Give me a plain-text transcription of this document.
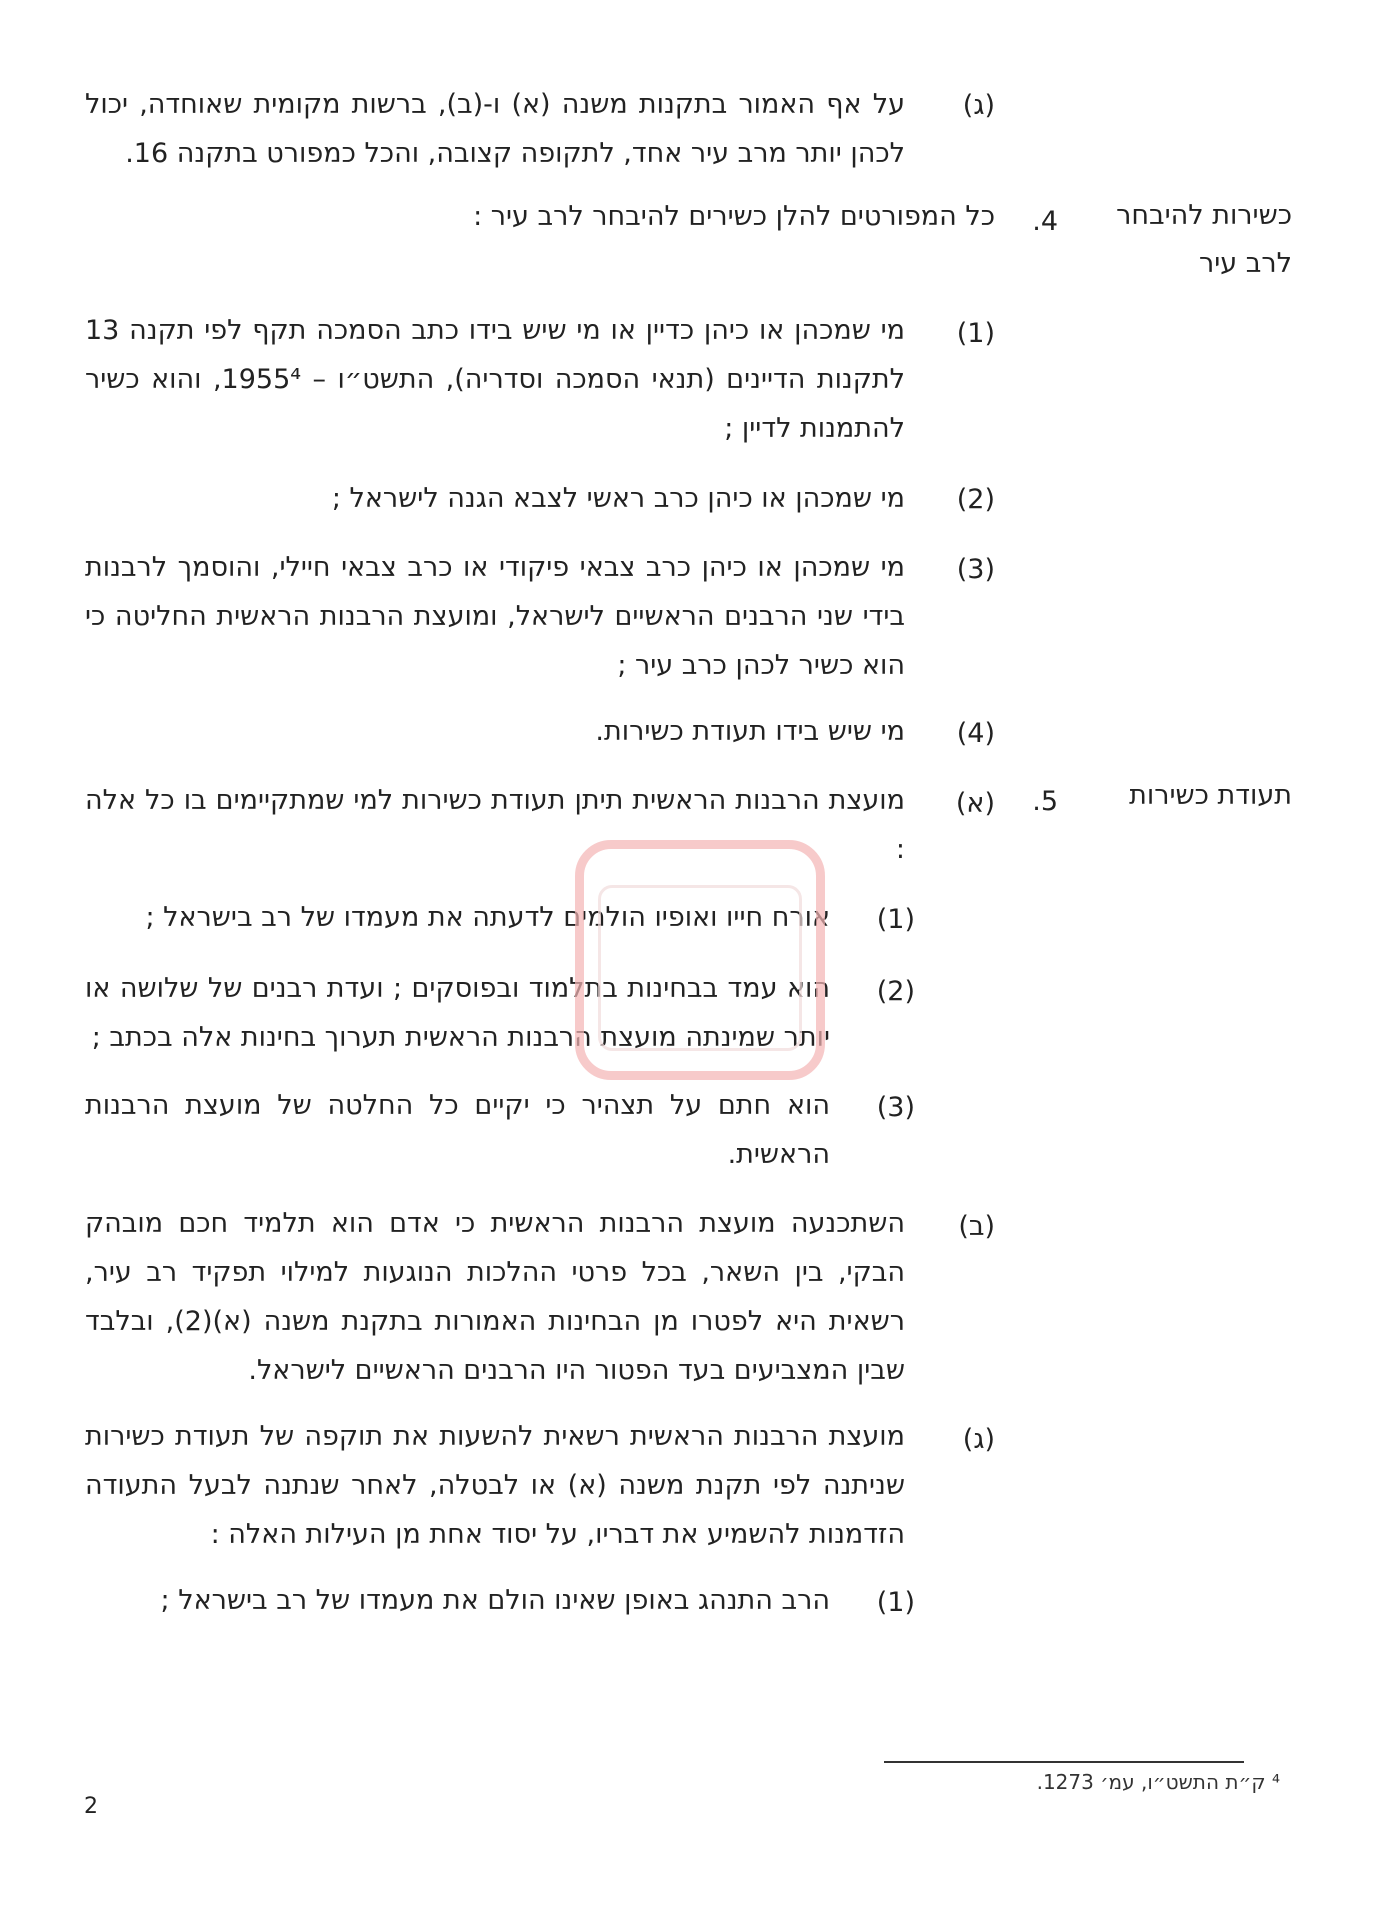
(ג)

על אף האמור בתקנות משנה (א) ו-(ב), ברשות מקומית שאוחדה, יכול לכהן יותר מרב עיר אחד, לתקופה קצובה, והכל כמפורט בתקנה 16.

כשירות להיבחר לרב עיר
.4

כל המפורטים להלן כשירים להיבחר לרב עיר :

(1)

מי שמכהן או כיהן כדיין או מי שיש בידו כתב הסמכה תקף לפי תקנה 13 לתקנות הדיינים (תנאי הסמכה וסדריה), התשט״ו – 1955⁴, והוא כשיר להתמנות לדיין ;

(2)

מי שמכהן או כיהן כרב ראשי לצבא הגנה לישראל ;

(3)

מי שמכהן או כיהן כרב צבאי פיקודי או כרב צבאי חיילי, והוסמך לרבנות בידי שני הרבנים הראשיים לישראל, ומועצת הרבנות הראשית החליטה כי הוא כשיר לכהן כרב עיר ;

(4)

מי שיש בידו תעודת כשירות.

תעודת כשירות
.5
(א)

מועצת הרבנות הראשית תיתן תעודת כשירות למי שמתקיימים בו כל אלה :

(1)

אורח חייו ואופיו הולמים לדעתה את מעמדו של רב בישראל ;

(2)

הוא עמד בבחינות בתלמוד ובפוסקים ; ועדת רבנים של שלושה או יותר שמינתה מועצת הרבנות הראשית תערוך בחינות אלה בכתב ;

(3)

הוא חתם על תצהיר כי יקיים כל החלטה של מועצת הרבנות הראשית.

(ב)

השתכנעה מועצת הרבנות הראשית כי אדם הוא תלמיד חכם מובהק הבקי, בין השאר, בכל פרטי ההלכות הנוגעות למילוי תפקיד רב עיר, רשאית היא לפטרו מן הבחינות האמורות בתקנת משנה (א)(2), ובלבד שבין המצביעים בעד הפטור היו הרבנים הראשיים לישראל.

(ג)

מועצת הרבנות הראשית רשאית להשעות את תוקפה של תעודת כשירות שניתנה לפי תקנת משנה (א) או לבטלה, לאחר שנתנה לבעל התעודה הזדמנות להשמיע את דבריו, על יסוד אחת מן העילות האלה :

(1)

הרב התנהג באופן שאינו הולם את מעמדו של רב בישראל ;

⁴ ק״ת התשט״ו, עמ׳ 1273.
2
